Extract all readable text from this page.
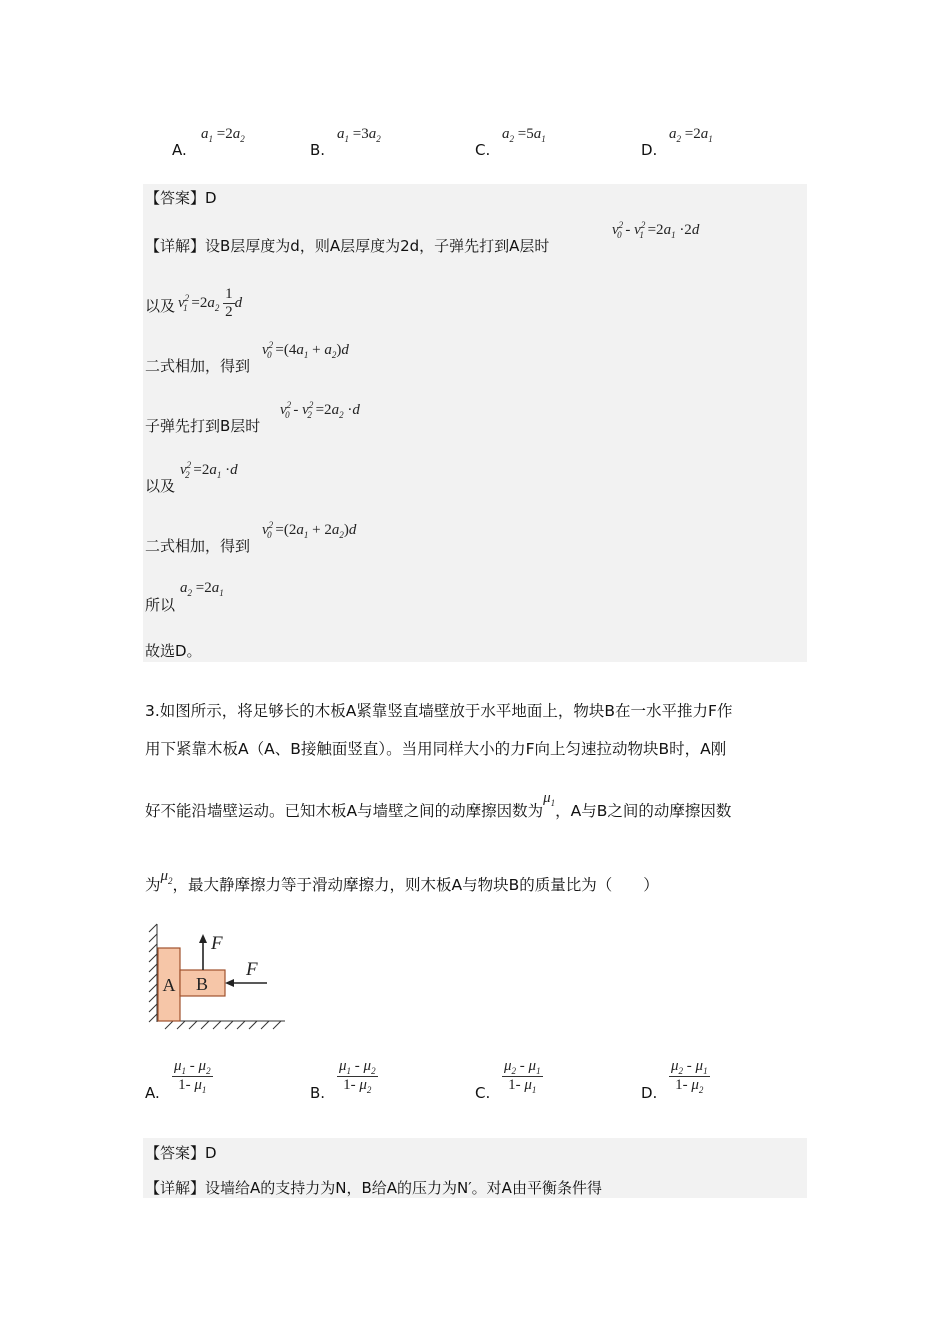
A.
$a_1 =2a_2$
B.
$a_1 =3a_2$
C.
$a_2 =5a_1$
D.
$a_2 =2a_1$
【答案】D
【详解】设B层厚度为d，则A层厚度为2d，子弹先打到A层时
$v^2_0 - v^2_1 =2a_1 \cdot 2d$
以及 $v^2_1 =2a_2 \frac{1}{2}$ d
二式相加，得到
$v^2_0 =(4a_1 + a_2)d$
子弹先打到B层时
$v^2_0 - v^2_2 =2a_2 \cdot d$
以及
$v^2_2 =2a_1 \cdot d$
二式相加，得到
$v^2_0 =(2a_1 + 2a_2)d$
所以
$a_2 =2a_1$
故选D。
3.如图所示，将足够长的木板A紧靠竖直墙壁放于水平地面上，物块B在一水平推力F作
用下紧靠木板A（A、B接触面竖直）。当用同样大小的力F向上匀速拉动物块B时，A刚
好不能沿墙壁运动。已知木板A与墙壁之间的动摩擦因数为$\mu_1$，A与B之间的动摩擦因数
为$\mu_2$，最大静摩擦力等于滑动摩擦力，则木板A与物块B的质量比为（　　）
A B
F
F
A. $\frac{\mu_1 - \mu_2}{1- \mu_1}$	B. $\frac{\mu_1 - \mu_2}{1- \mu_2}$	C. $\frac{\mu_2 - \mu_1}{1- \mu_1}$	D. $\frac{\mu_2 - \mu_1}{1- \mu_2}$
【答案】D
【详解】设墙给A的支持力为N，B给A的压力为N′。对A由平衡条件得
